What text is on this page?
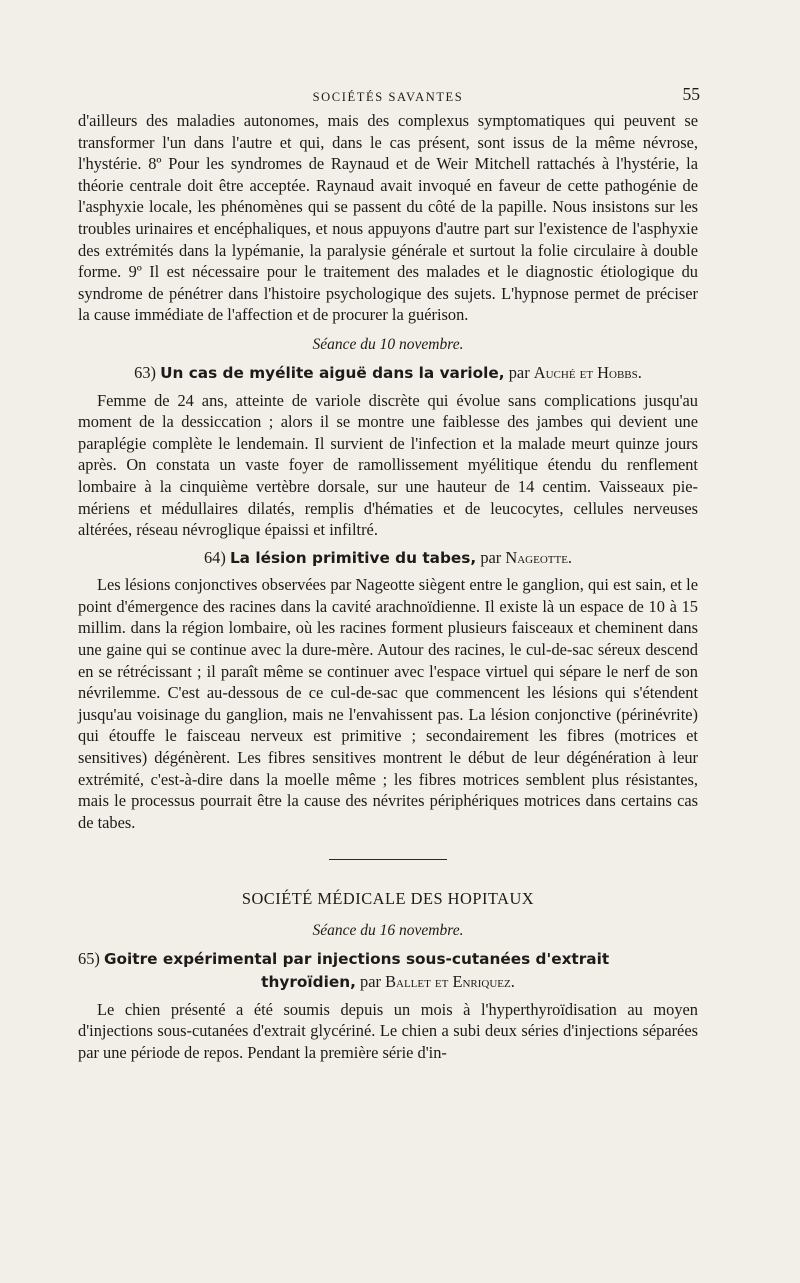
SOCIÉTÉS SAVANTES	55

d'ailleurs des maladies autonomes, mais des complexus symptomatiques qui peuvent se transformer l'un dans l'autre et qui, dans le cas présent, sont issus de la même névrose, l'hystérie. 8º Pour les syndromes de Raynaud et de Weir Mitchell rattachés à l'hystérie, la théorie centrale doit être acceptée. Raynaud avait invoqué en faveur de cette pathogénie de l'asphyxie locale, les phénomènes qui se passent du côté de la papille. Nous insistons sur les troubles urinaires et encéphaliques, et nous appuyons d'autre part sur l'existence de l'asphyxie des extrémités dans la lypémanie, la paralysie générale et surtout la folie circulaire à double forme. 9º Il est nécessaire pour le traitement des malades et le diagnostic étiologique du syndrome de pénétrer dans l'histoire psychologique des sujets. L'hypnose permet de préciser la cause immédiate de l'affection et de procurer la guérison.

Séance du 10 novembre.
63) Un cas de myélite aiguë dans la variole, par Auché et Hobbs.

Femme de 24 ans, atteinte de variole discrète qui évolue sans complications jusqu'au moment de la dessiccation ; alors il se montre une faiblesse des jambes qui devient une paraplégie complète le lendemain. Il survient de l'infection et la malade meurt quinze jours après. On constata un vaste foyer de ramollissement myélitique étendu du renflement lombaire à la cinquième vertèbre dorsale, sur une hauteur de 14 centim. Vaisseaux pie-mériens et médullaires dilatés, remplis d'hématies et de leucocytes, cellules nerveuses altérées, réseau névroglique épaissi et infiltré.

64) La lésion primitive du tabes, par Nageotte.

Les lésions conjonctives observées par Nageotte siègent entre le ganglion, qui est sain, et le point d'émergence des racines dans la cavité arachnoïdienne. Il existe là un espace de 10 à 15 millim. dans la région lombaire, où les racines forment plusieurs faisceaux et cheminent dans une gaine qui se continue avec la dure-mère. Autour des racines, le cul-de-sac séreux descend en se rétrécissant ; il paraît même se continuer avec l'espace virtuel qui sépare le nerf de son névrilemme. C'est au-dessous de ce cul-de-sac que commencent les lésions qui s'étendent jusqu'au voisinage du ganglion, mais ne l'envahissent pas. La lésion conjonctive (périnévrite) qui étouffe le faisceau nerveux est primitive ; secondairement les fibres (motrices et sensitives) dégénèrent. Les fibres sensitives montrent le début de leur dégénération à leur extrémité, c'est-à-dire dans la moelle même ; les fibres motrices semblent plus résistantes, mais le processus pourrait être la cause des névrites périphériques motrices dans certains cas de tabes.

SOCIÉTÉ MÉDICALE DES HOPITAUX
Séance du 16 novembre.
65) Goitre expérimental par injections sous-cutanées d'extrait
thyroïdien, par Ballet et Enriquez.

Le chien présenté a été soumis depuis un mois à l'hyperthyroïdisation au moyen d'injections sous-cutanées d'extrait glycériné. Le chien a subi deux séries d'injections séparées par une période de repos. Pendant la première série d'in-
